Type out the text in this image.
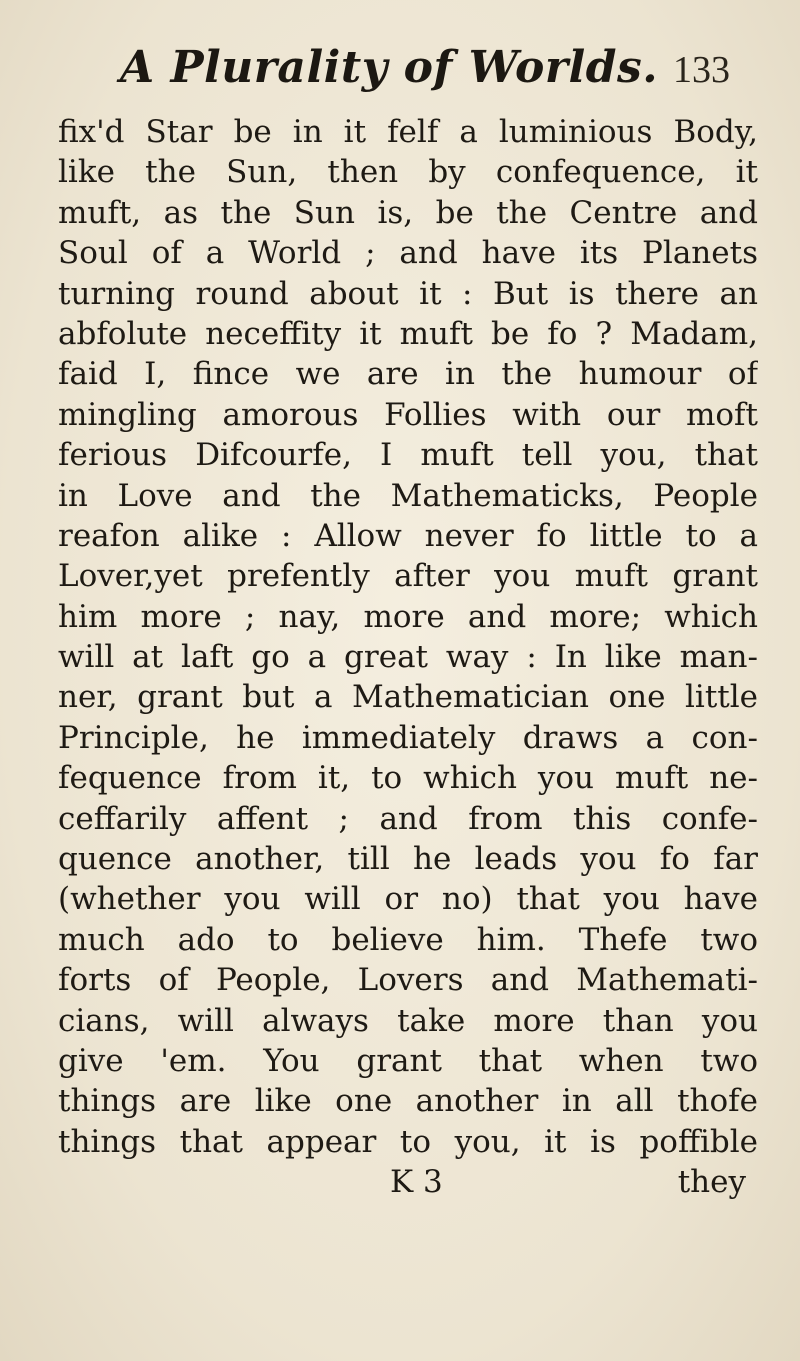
A Plurality of Worlds. 133
fix'd Star be in it felf a luminious Body,
like the Sun, then by confequence, it
muft, as the Sun is, be the Centre and
Soul of a World ; and have its Planets
turning round about it : But is there an
abfolute neceffity it muft be fo ? Madam,
faid I, fince we are in the humour of
mingling amorous Follies with our moft
ferious Difcourfe, I muft tell you, that
in Love and the Mathematicks, People
reafon alike : Allow never fo little to a
Lover,yet prefently after you muft grant
him more ; nay, more and more; which
will at laft go a great way : In like man-
ner, grant but a Mathematician one little
Principle, he immediately draws a con-
fequence from it, to which you muft ne-
ceffarily affent ; and from this confe-
quence another, till he leads you fo far
(whether you will or no) that you have
much ado to believe him. Thefe two
forts of People, Lovers and Mathemati-
cians, will always take more than you
give 'em. You grant that when two
things are like one another in all thofe
things that appear to you, it is poffible
K 3	they
